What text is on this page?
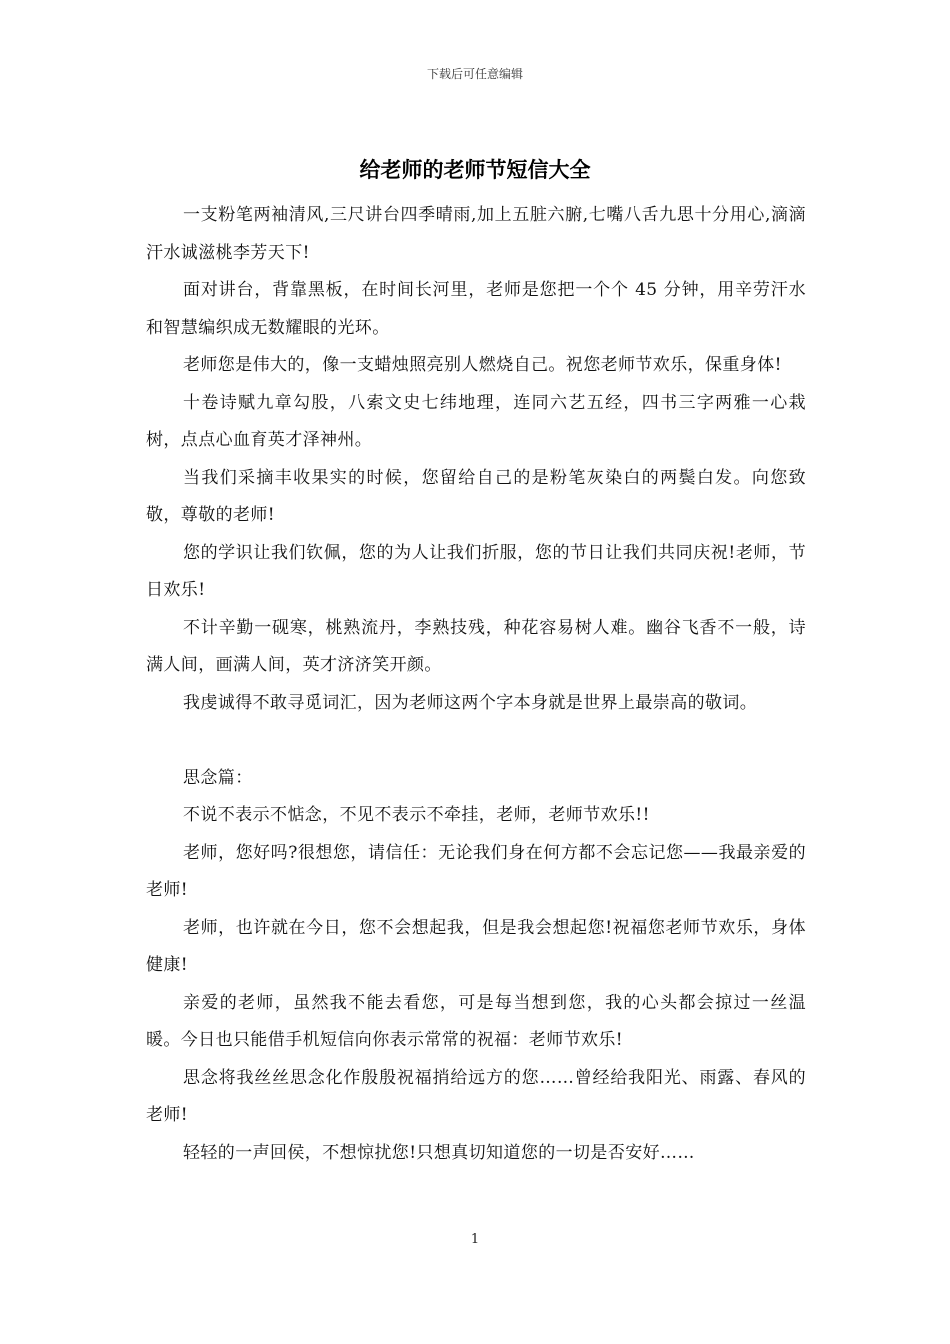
下载后可任意编辑
给老师的老师节短信大全

一支粉笔两袖清风,三尺讲台四季晴雨,加上五脏六腑,七嘴八舌九思十分用心,滴滴汗水诚滋桃李芳天下!

面对讲台，背靠黑板，在时间长河里，老师是您把一个个 45 分钟，用辛劳汗水和智慧编织成无数耀眼的光环。

老师您是伟大的，像一支蜡烛照亮别人燃烧自己。祝您老师节欢乐，保重身体!

十卷诗赋九章勾股，八索文史七纬地理，连同六艺五经，四书三字两雅一心栽树，点点心血育英才泽神州。

当我们采摘丰收果实的时候，您留给自己的是粉笔灰染白的两鬓白发。向您致敬，尊敬的老师!

您的学识让我们钦佩，您的为人让我们折服，您的节日让我们共同庆祝!老师，节日欢乐!

不计辛勤一砚寒，桃熟流丹，李熟技残，种花容易树人难。幽谷飞香不一般，诗满人间，画满人间，英才济济笑开颜。

我虔诚得不敢寻觅词汇，因为老师这两个字本身就是世界上最崇高的敬词。

思念篇：

不说不表示不惦念，不见不表示不牵挂，老师，老师节欢乐!!

老师，您好吗?很想您，请信任：无论我们身在何方都不会忘记您——我最亲爱的老师!

老师，也许就在今日，您不会想起我，但是我会想起您!祝福您老师节欢乐，身体健康!

亲爱的老师，虽然我不能去看您，可是每当想到您，我的心头都会掠过一丝温暖。今日也只能借手机短信向你表示常常的祝福：老师节欢乐!

思念将我丝丝思念化作殷殷祝福捎给远方的您……曾经给我阳光、雨露、春风的老师!

轻轻的一声回侯，不想惊扰您!只想真切知道您的一切是否安好……

1
